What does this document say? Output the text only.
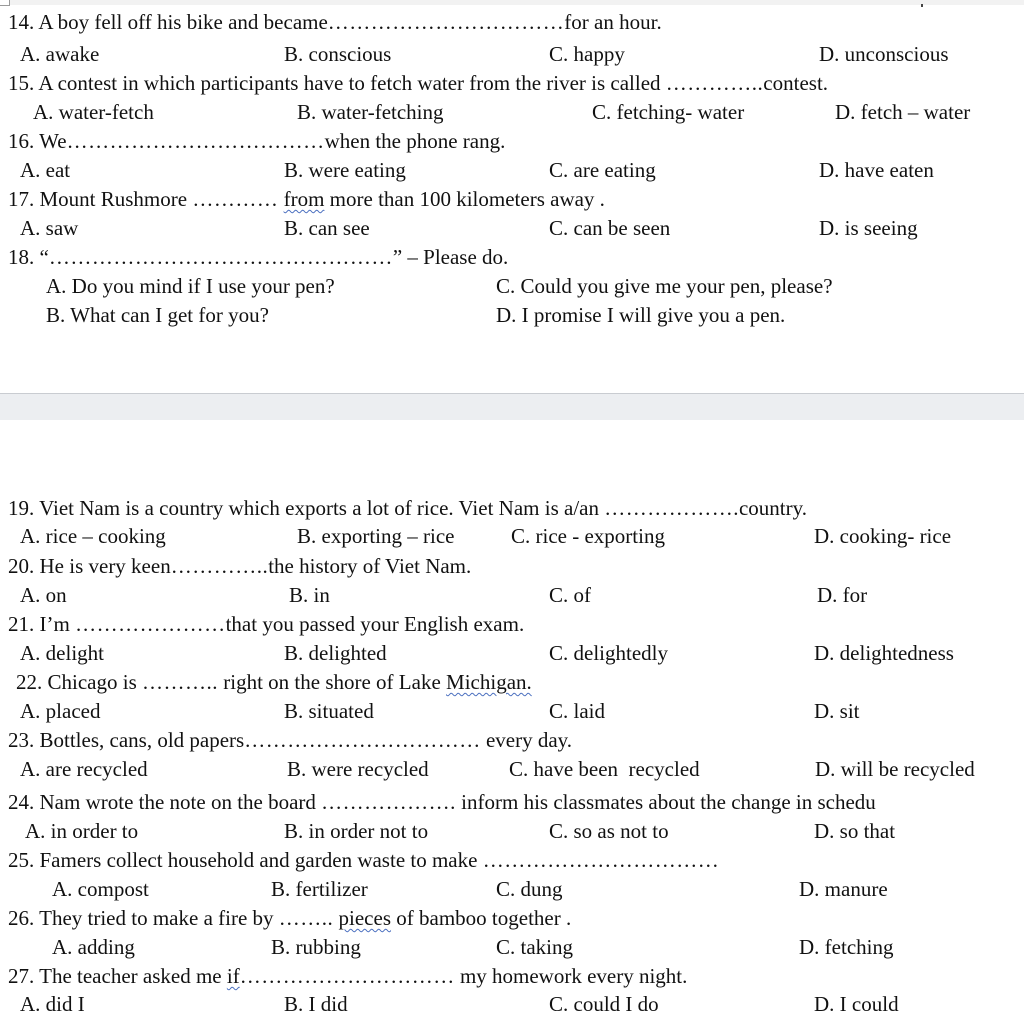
14. A boy fell off his bike and became……………………………for an hour.
A. awake	B. conscious	C. happy	D. unconscious
15. A contest in which participants have to fetch water from the river is called …………..contest.
A. water-fetch	B. water-fetching	C. fetching- water	D. fetch – water
16. We………………………………when the phone rang.
A. eat	B. were eating	C. are eating	D. have eaten
17. Mount Rushmore ………… from more than 100 kilometers away .
A. saw	B. can see	C. can be seen	D. is seeing
18. “…………………………………………” – Please do.
A. Do you mind if I use your pen?	C. Could you give me your pen, please?
B. What can I get for you?	D. I promise I will give you a pen.
19. Viet Nam is a country which exports a lot of rice. Viet Nam is a/an ……………….country.
A. rice – cooking	B. exporting – rice	C. rice - exporting	D. cooking- rice
20. He is very keen…………..the history of Viet Nam.
A. on	B. in	C. of	D. for
21. I’m …………………that you passed your English exam.
A. delight	B. delighted	C. delightedly	D. delightedness
22. Chicago is ……….. right on the shore of Lake Michigan.
A. placed	B. situated	C. laid	D. sit
23. Bottles, cans, old papers…………………………… every day.
A. are recycled	B. were recycled	C. have been  recycled	D. will be recycled
24. Nam wrote the note on the board ………………. inform his classmates about the change in schedu
A. in order to	B. in order not to	C. so as not to	D. so that
25. Famers collect household and garden waste to make ……………………………
A. compost	B. fertilizer	C. dung	D. manure
26. They tried to make a fire by …….. pieces of bamboo together .
A. adding	B. rubbing	C. taking	D. fetching
27. The teacher asked me if………………………… my homework every night.
A. did I	B. I did	C. could I do	D. I could
